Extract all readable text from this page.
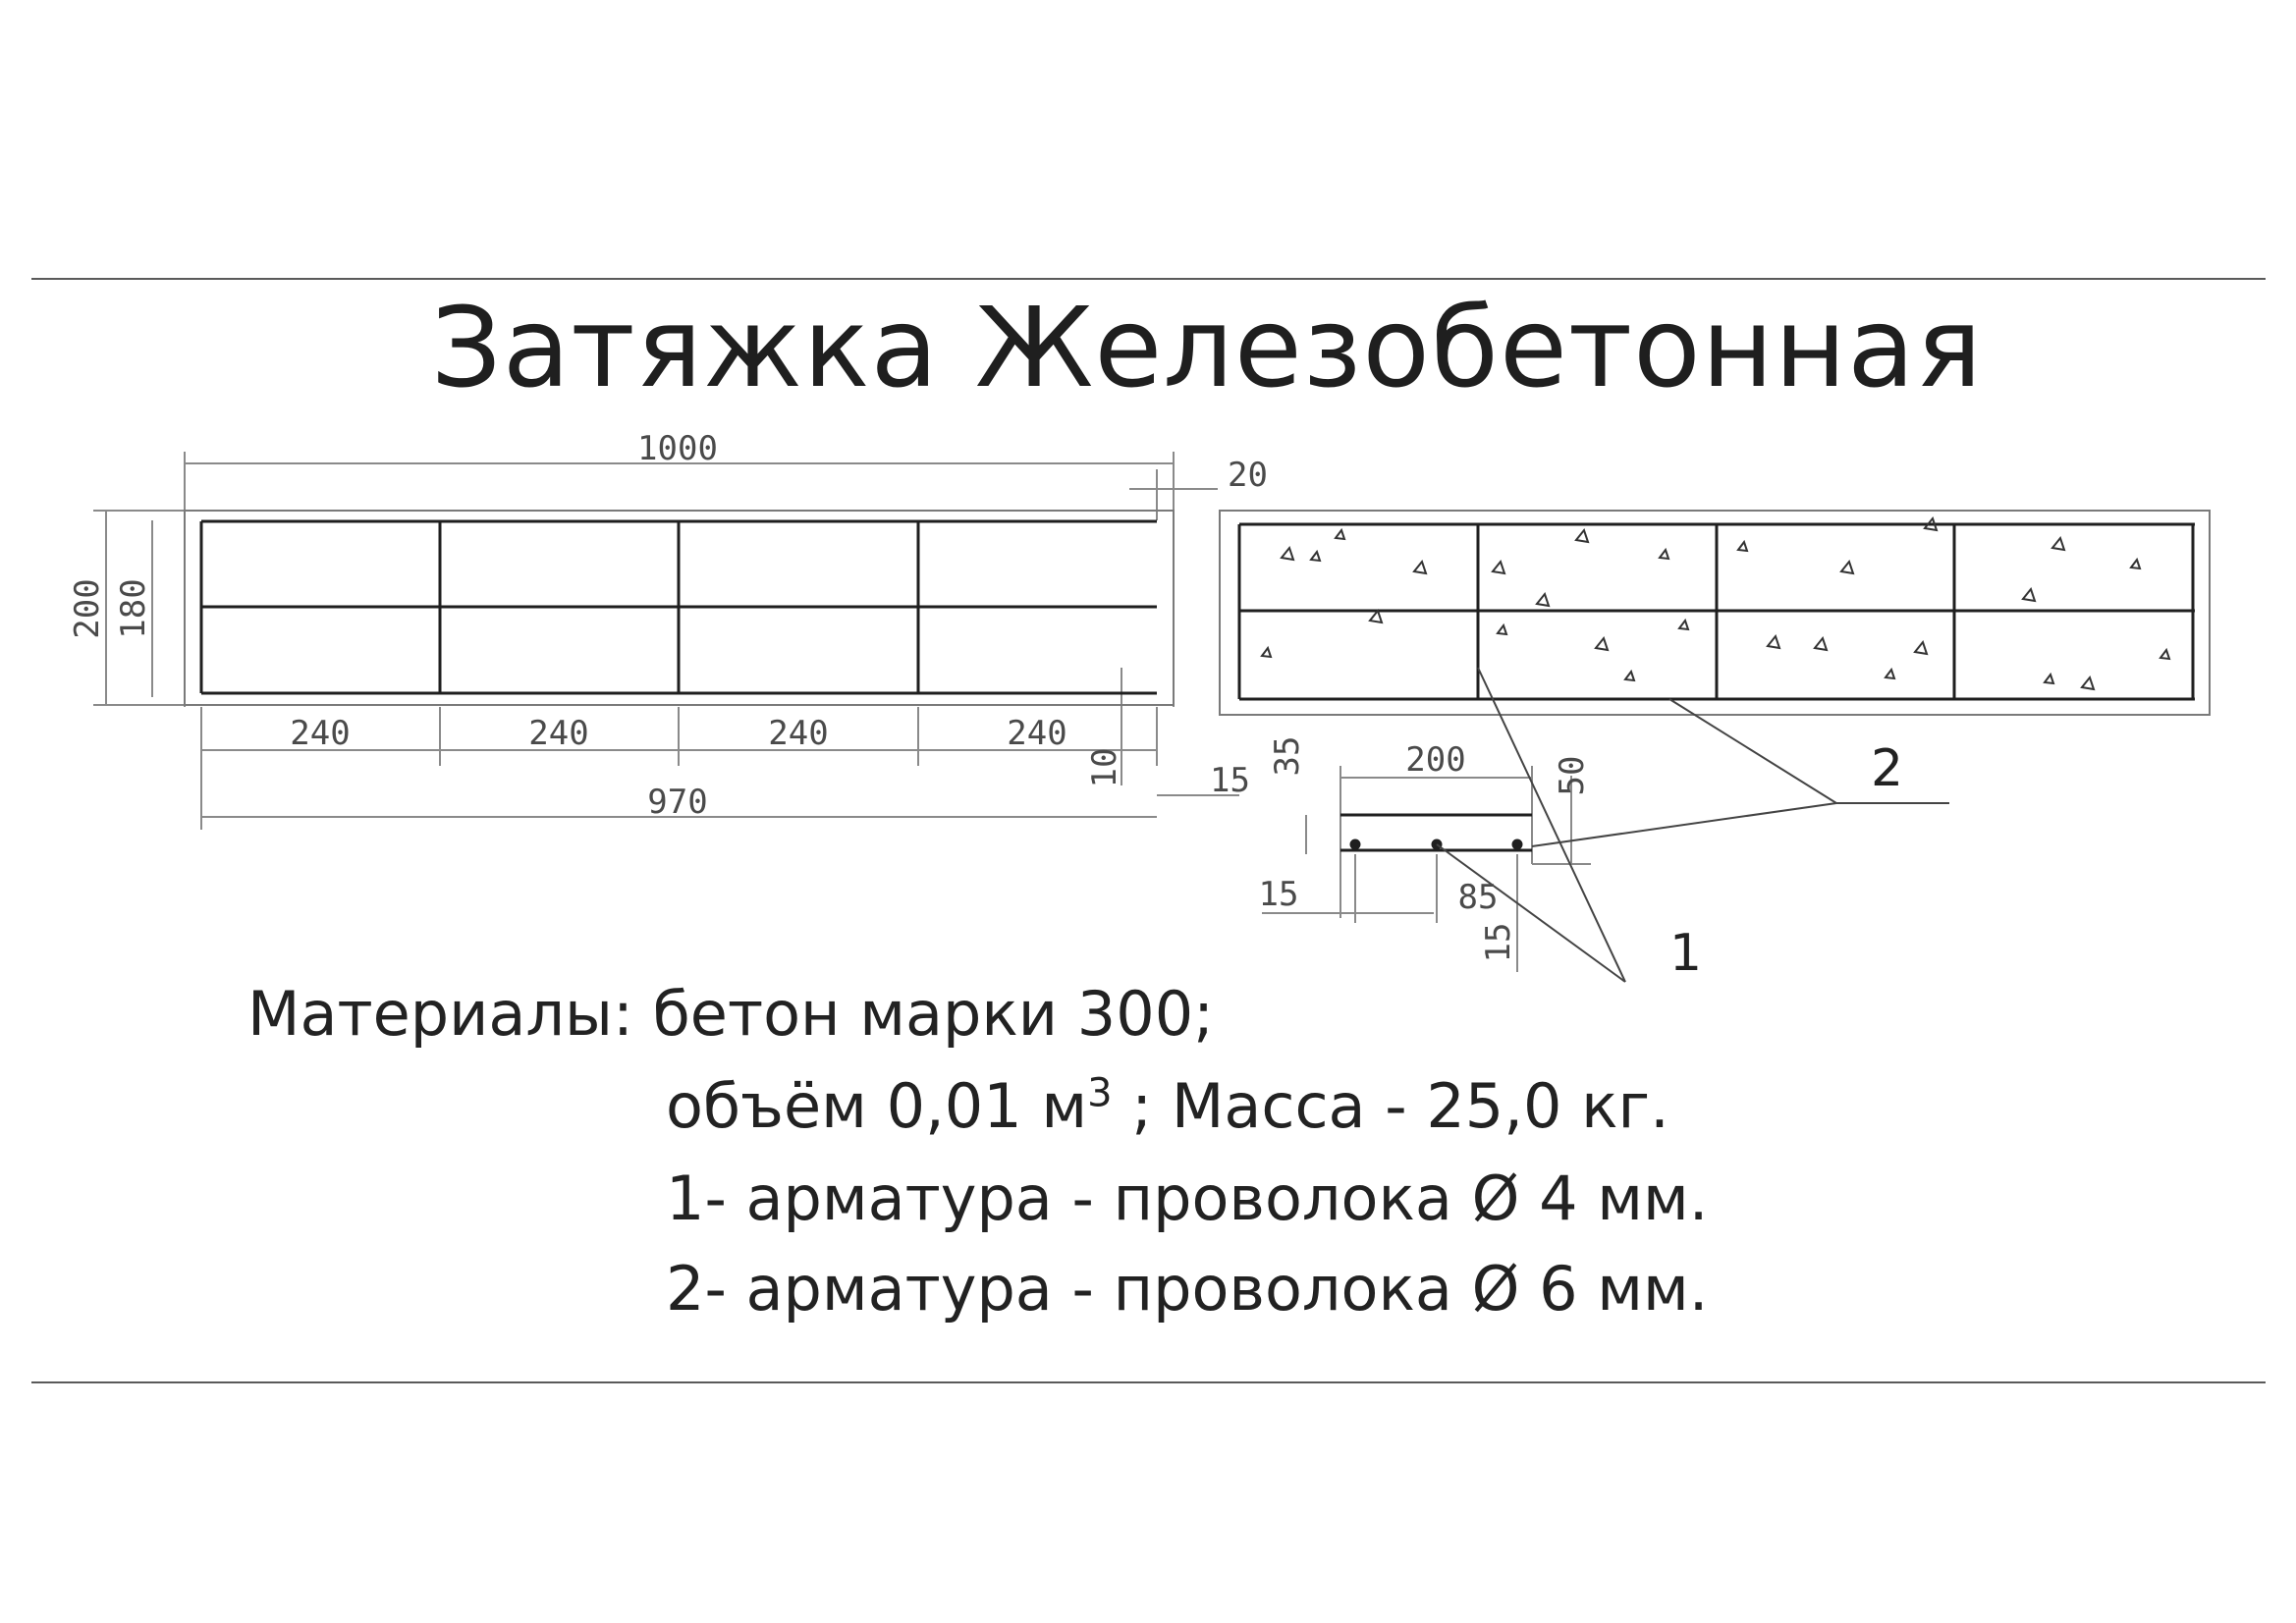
Затяжка Железобетонная
1000
200 180
20
240	240	240	240
970
10	15
35	200	50
15	85
15	1
2
Материалы: бетон марки 300;
объём 0,01 $м^3$ ; Масса - 25,0 кг.
1- арматура - проволока Ø 4 мм.
2- арматура - проволока Ø 6 мм.
